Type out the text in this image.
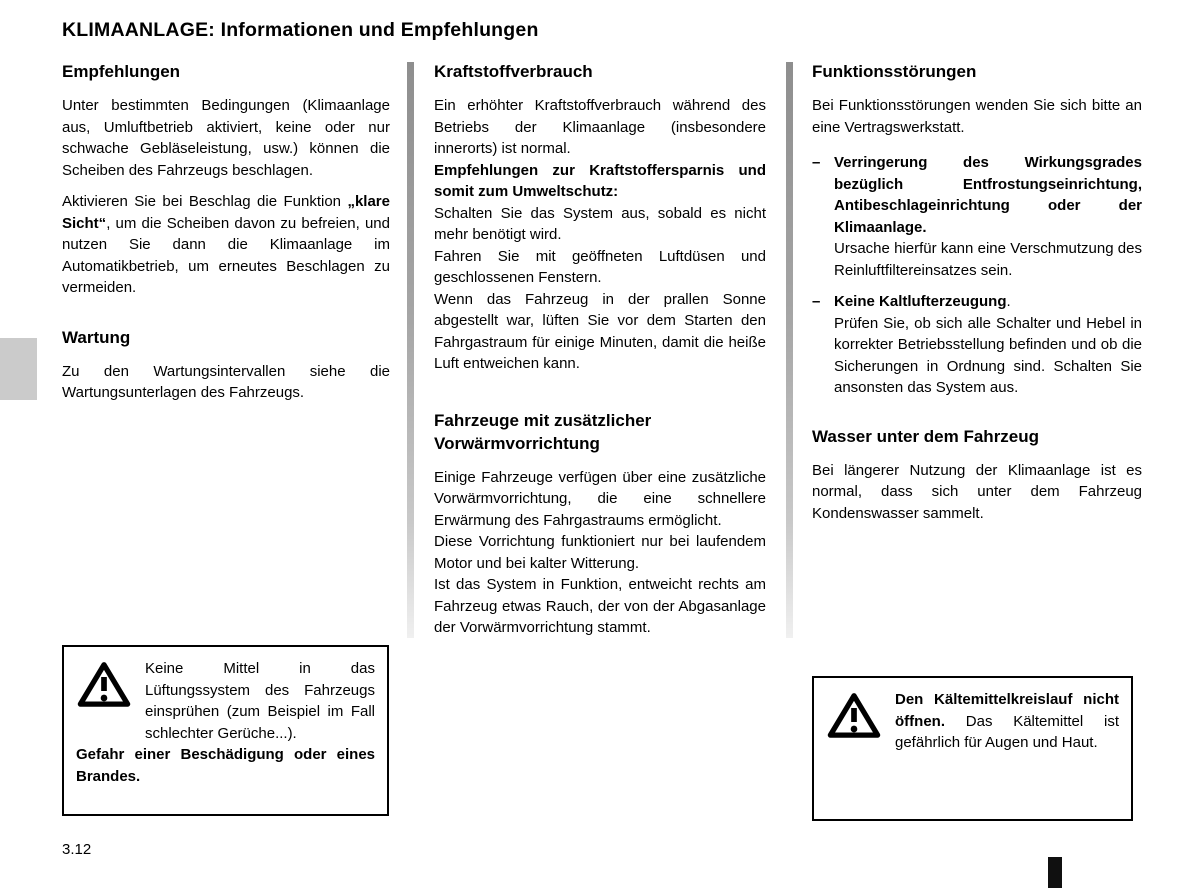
KLIMAANLAGE: Informationen und Empfehlungen
Empfehlungen

Unter bestimmten Bedingungen (Klimaanlage aus, Umluftbetrieb aktiviert, keine oder nur schwache Gebläseleistung, usw.) können die Scheiben des Fahrzeugs beschlagen.

Aktivieren Sie bei Beschlag die Funktion „klare Sicht“, um die Scheiben davon zu befreien, und nutzen Sie dann die Klimaanlage im Automatikbetrieb, um erneutes Beschlagen zu vermeiden.

Wartung

Zu den Wartungsintervallen siehe die Wartungsunterlagen des Fahrzeugs.

Kraftstoffverbrauch

Ein erhöhter Kraftstoffverbrauch während des Betriebs der Klimaanlage (insbesondere innerorts) ist normal.

Empfehlungen zur Kraftstoffersparnis und somit zum Umweltschutz:

Schalten Sie das System aus, sobald es nicht mehr benötigt wird.

Fahren Sie mit geöffneten Luftdüsen und geschlossenen Fenstern.

Wenn das Fahrzeug in der prallen Sonne abgestellt war, lüften Sie vor dem Starten den Fahrgastraum für einige Minuten, damit die heiße Luft entweichen kann.

Fahrzeuge mit zusätzlicher Vorwärmvorrichtung

Einige Fahrzeuge verfügen über eine zusätzliche Vorwärmvorrichtung, die eine schnellere Erwärmung des Fahrgastraums ermöglicht.

Diese Vorrichtung funktioniert nur bei laufendem Motor und bei kalter Witterung.

Ist das System in Funktion, entweicht rechts am Fahrzeug etwas Rauch, der von der Abgasanlage der Vorwärmvorrichtung stammt.

Funktionsstörungen

Bei Funktionsstörungen wenden Sie sich bitte an eine Vertragswerkstatt.

– Verringerung des Wirkungsgrades bezüglich Entfrostungseinrichtung, Antibeschlageinrichtung oder der Klimaanlage.

Ursache hierfür kann eine Verschmutzung des Reinluftfiltereinsatzes sein.

– Keine Kaltlufterzeugung.

Prüfen Sie, ob sich alle Schalter und Hebel in korrekter Betriebsstellung befinden und ob die Sicherungen in Ordnung sind. Schalten Sie ansonsten das System aus.

Wasser unter dem Fahrzeug

Bei längerer Nutzung der Klimaanlage ist es normal, dass sich unter dem Fahrzeug Kondenswasser sammelt.

Keine Mittel in das Lüftungssystem des Fahrzeugs einsprühen (zum Beispiel im Fall schlechter Gerüche...).

Gefahr einer Beschädigung oder eines Brandes.

Den Kältemittelkreislauf nicht öffnen. Das Kältemittel ist gefährlich für Augen und Haut.

3.12
